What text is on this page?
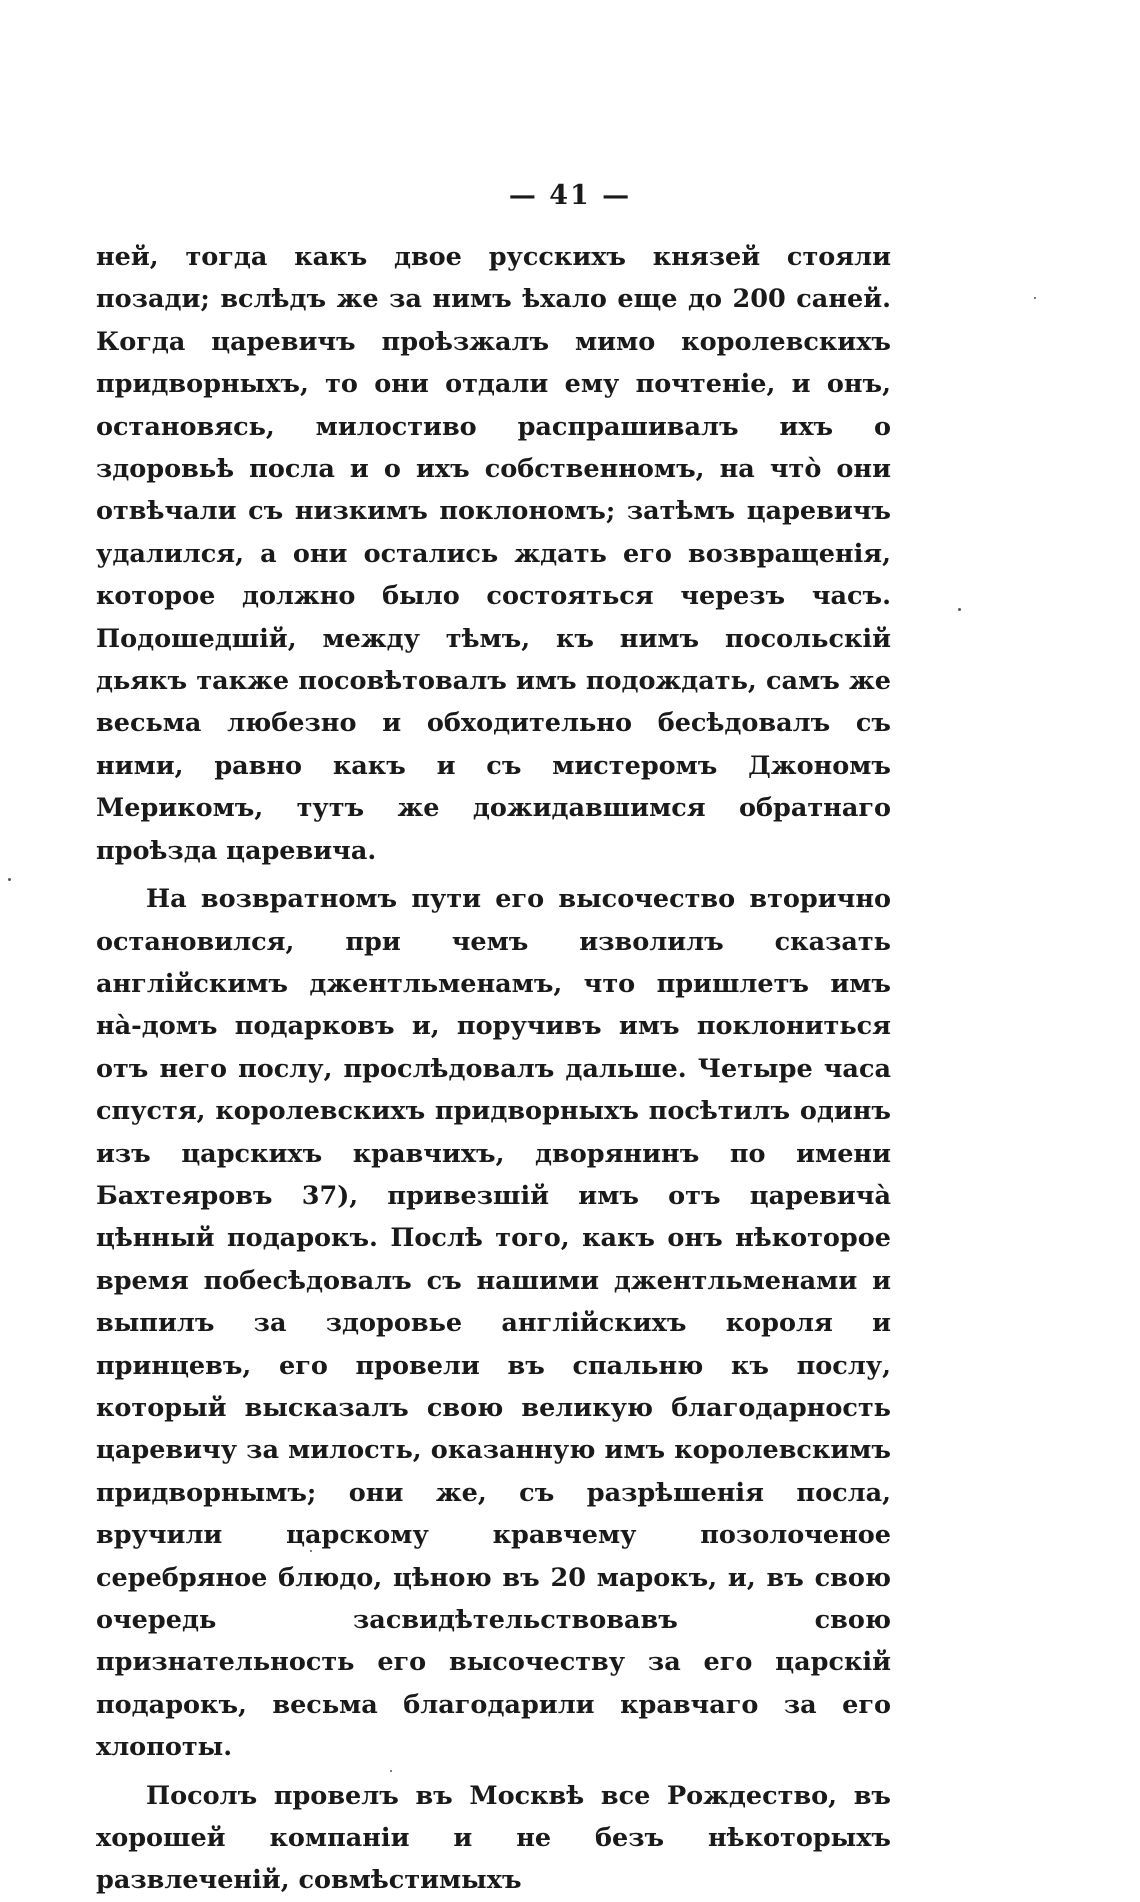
— 41 —

ней, тогда какъ двое русскихъ князей стояли позади; вслѣдъ же за нимъ ѣхало еще до 200 саней. Когда царевичъ проѣзжалъ мимо королевскихъ придворныхъ, то они отдали ему почтеніе, и онъ, остановясь, милостиво распрашивалъ ихъ о здоровьѣ посла и о ихъ собственномъ, на что̀ они отвѣчали съ низкимъ поклономъ; затѣмъ царевичъ удалился, а они остались ждать его возвращенія, которое должно было состояться черезъ часъ. Подошедшій, между тѣмъ, къ нимъ посольскій дьякъ также посовѣтовалъ имъ подождать, самъ же весьма любезно и обходительно бесѣдовалъ съ ними, равно какъ и съ мистеромъ Джономъ Мерикомъ, тутъ же дожидавшимся обратнаго проѣзда царевича.

На возвратномъ пути его высочество вторично остановился, при чемъ изволилъ сказать англійскимъ джентльменамъ, что пришлетъ имъ на̀-домъ подарковъ и, поручивъ имъ поклониться отъ него послу, прослѣдовалъ дальше. Четыре часа спустя, королевскихъ придворныхъ посѣтилъ одинъ изъ царскихъ кравчихъ, дворянинъ по имени Бахтеяровъ 37), привезшій имъ отъ царевича̀ цѣнный подарокъ. Послѣ того, какъ онъ нѣкоторое время побесѣдовалъ съ нашими джентльменами и выпилъ за здоровье англійскихъ короля и принцевъ, его провели въ спальню къ послу, который высказалъ свою великую благодарность царевичу за милость, оказанную имъ королевскимъ придворнымъ; они же, съ разрѣшенія посла, вручили царскому кравчему позолоченое серебряное блюдо, цѣною въ 20 марокъ, и, въ свою очередь засвидѣтельствовавъ свою признательность его высочеству за его царскій подарокъ, весьма благодарили кравчаго за его хлопоты.

Посолъ провелъ въ Москвѣ все Рождество, въ хорошей компаніи и не безъ нѣкоторыхъ развлеченій, совмѣстимыхъ
